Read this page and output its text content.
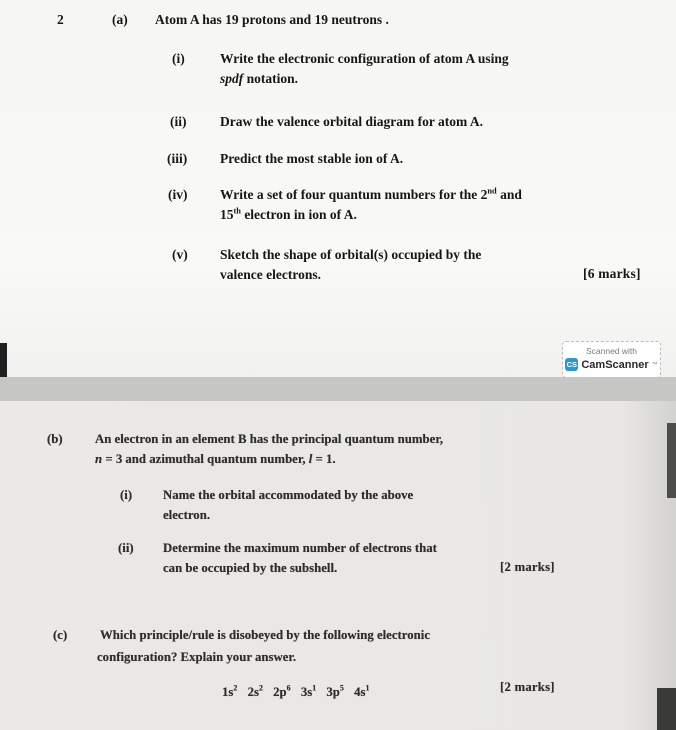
2	(a) Atom A has 19 protons and 19 neutrons .
(i)	Write the electronic configuration of atom A using
spdf notation.
(ii) Draw the valence orbital diagram for atom A.
(iii) Predict the most stable ion of A.
(iv) Write a set of four quantum numbers for the 2nd and
15th electron in ion of A.
(v) Sketch the shape of orbital(s) occupied by the
valence electrons.	[6 marks]
Scanned with
CS CamScanner ™
(b)	An electron in an element B has the principal quantum number,
n = 3 and azimuthal quantum number, l = 1.
(i) Name the orbital accommodated by the above
electron.
(ii) Determine the maximum number of electrons that
can be occupied by the subshell.	[2 marks]
(c)	Which principle/rule is disobeyed by the following electronic
configuration? Explain your answer.
$1s^2$ $2s^2$ $2p^6$ $3s^1$ $3p^5$ $4s^1$	[2 marks]
